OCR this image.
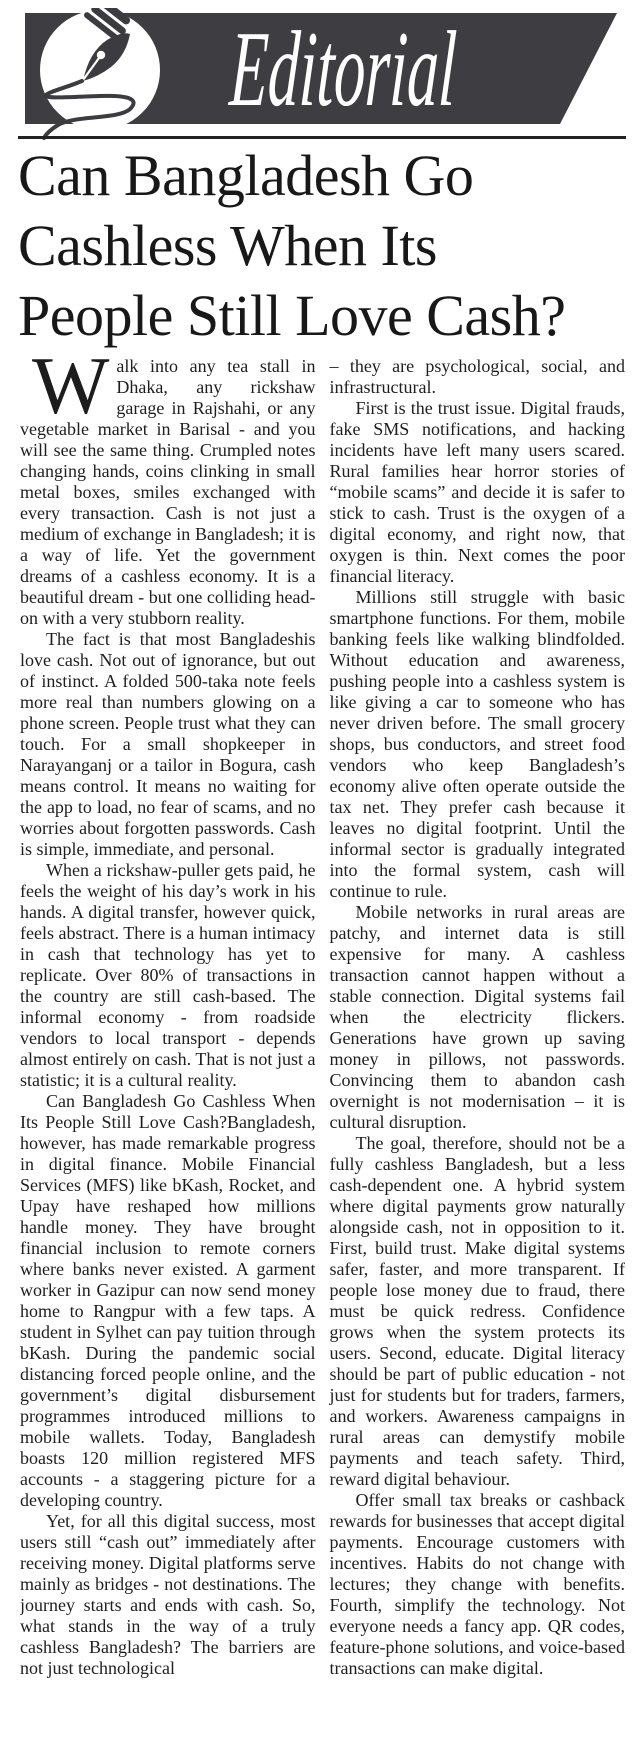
Editorial
Can Bangladesh Go
Cashless When Its
People Still Love Cash?

Walk into any tea stall in Dhaka, any rickshaw garage in Rajshahi, or any vegetable market in Barisal - and you will see the same thing. Crumpled notes changing hands, coins clinking in small metal boxes, smiles exchanged with every transaction. Cash is not just a medium of exchange in Bangladesh; it is a way of life. Yet the government dreams of a cashless economy. It is a beautiful dream - but one colliding head-on with a very stubborn reality.

The fact is that most Bangladeshis love cash. Not out of ignorance, but out of instinct. A folded 500-taka note feels more real than numbers glowing on a phone screen. People trust what they can touch. For a small shopkeeper in Narayanganj or a tailor in Bogura, cash means control. It means no waiting for the app to load, no fear of scams, and no worries about forgotten passwords. Cash is simple, immediate, and personal.

When a rickshaw-puller gets paid, he feels the weight of his day’s work in his hands. A digital transfer, however quick, feels abstract. There is a human intimacy in cash that technology has yet to replicate. Over 80% of transactions in the country are still cash-based. The informal economy - from roadside vendors to local transport - depends almost entirely on cash. That is not just a statistic; it is a cultural reality.

Can Bangladesh Go Cashless When Its People Still Love Cash?Bangladesh, however, has made remarkable progress in digital finance. Mobile Financial Services (MFS) like bKash, Rocket, and Upay have reshaped how millions handle money. They have brought financial inclusion to remote corners where banks never existed. A garment worker in Gazipur can now send money home to Rangpur with a few taps. A student in Sylhet can pay tuition through bKash. During the pandemic social distancing forced people online, and the government’s digital disbursement programmes introduced millions to mobile wallets. Today, Bangladesh boasts 120 million registered MFS accounts - a staggering picture for a developing country.

Yet, for all this digital success, most users still “cash out” immediately after receiving money. Digital platforms serve mainly as bridges - not destinations. The journey starts and ends with cash. So, what stands in the way of a truly cashless Bangladesh? The barriers are not just technological

– they are psychological, social, and infrastructural.

First is the trust issue. Digital frauds, fake SMS notifications, and hacking incidents have left many users scared. Rural families hear horror stories of “mobile scams” and decide it is safer to stick to cash. Trust is the oxygen of a digital economy, and right now, that oxygen is thin. Next comes the poor financial literacy.

Millions still struggle with basic smartphone functions. For them, mobile banking feels like walking blindfolded. Without education and awareness, pushing people into a cashless system is like giving a car to someone who has never driven before. The small grocery shops, bus conductors, and street food vendors who keep Bangladesh’s economy alive often operate outside the tax net. They prefer cash because it leaves no digital footprint. Until the informal sector is gradually integrated into the formal system, cash will continue to rule.

Mobile networks in rural areas are patchy, and internet data is still expensive for many. A cashless transaction cannot happen without a stable connection. Digital systems fail when the electricity flickers. Generations have grown up saving money in pillows, not passwords. Convincing them to abandon cash overnight is not modernisation – it is cultural disruption.

The goal, therefore, should not be a fully cashless Bangladesh, but a less cash-dependent one. A hybrid system where digital payments grow naturally alongside cash, not in opposition to it. First, build trust. Make digital systems safer, faster, and more transparent. If people lose money due to fraud, there must be quick redress. Confidence grows when the system protects its users. Second, educate. Digital literacy should be part of public education - not just for students but for traders, farmers, and workers. Awareness campaigns in rural areas can demystify mobile payments and teach safety. Third, reward digital behaviour.

Offer small tax breaks or cashback rewards for businesses that accept digital payments. Encourage customers with incentives. Habits do not change with lectures; they change with benefits. Fourth, simplify the technology. Not everyone needs a fancy app. QR codes, feature-phone solutions, and voice-based transactions can make digital.
